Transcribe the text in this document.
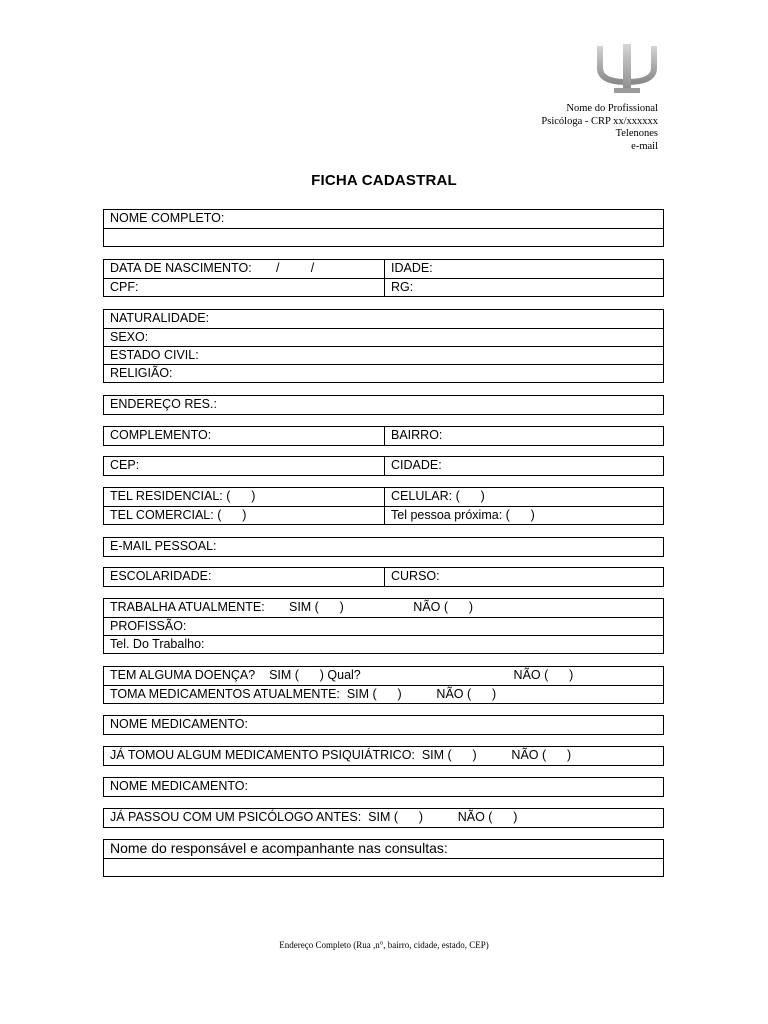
Nome do Profissional
Psicóloga - CRP xx/xxxxxx
Telenones
e-mail
FICHA CADASTRAL
NOME COMPLETO:
DATA DE NASCIMENTO:       /         /	IDADE:
CPF:	RG:
NATURALIDADE:
SEXO:
ESTADO CIVIL:
RELIGIÃO:
ENDEREÇO RES.:
COMPLEMENTO:	BAIRRO:
CEP:	CIDADE:
TEL RESIDENCIAL: (      )	CELULAR: (      )
TEL COMERCIAL: (      )	Tel pessoa próxima: (      )
E-MAIL PESSOAL:
ESCOLARIDADE:	CURSO:
TRABALHA ATUALMENTE:       SIM (      )                    NÃO (      )
PROFISSÃO:
Tel. Do Trabalho:
TEM ALGUMA DOENÇA?    SIM (      ) Qual?                                            NÃO (      )
TOMA MEDICAMENTOS ATUALMENTE:  SIM (      )          NÃO (      )
NOME MEDICAMENTO:
JÁ TOMOU ALGUM MEDICAMENTO PSIQUIÁTRICO:  SIM (      )          NÃO (      )
NOME MEDICAMENTO:
JÁ PASSOU COM UM PSICÓLOGO ANTES:  SIM (      )          NÃO (      )
Nome do responsável e acompanhante nas consultas:
Endereço Completo (Rua ,n°, bairro, cidade, estado, CEP)
